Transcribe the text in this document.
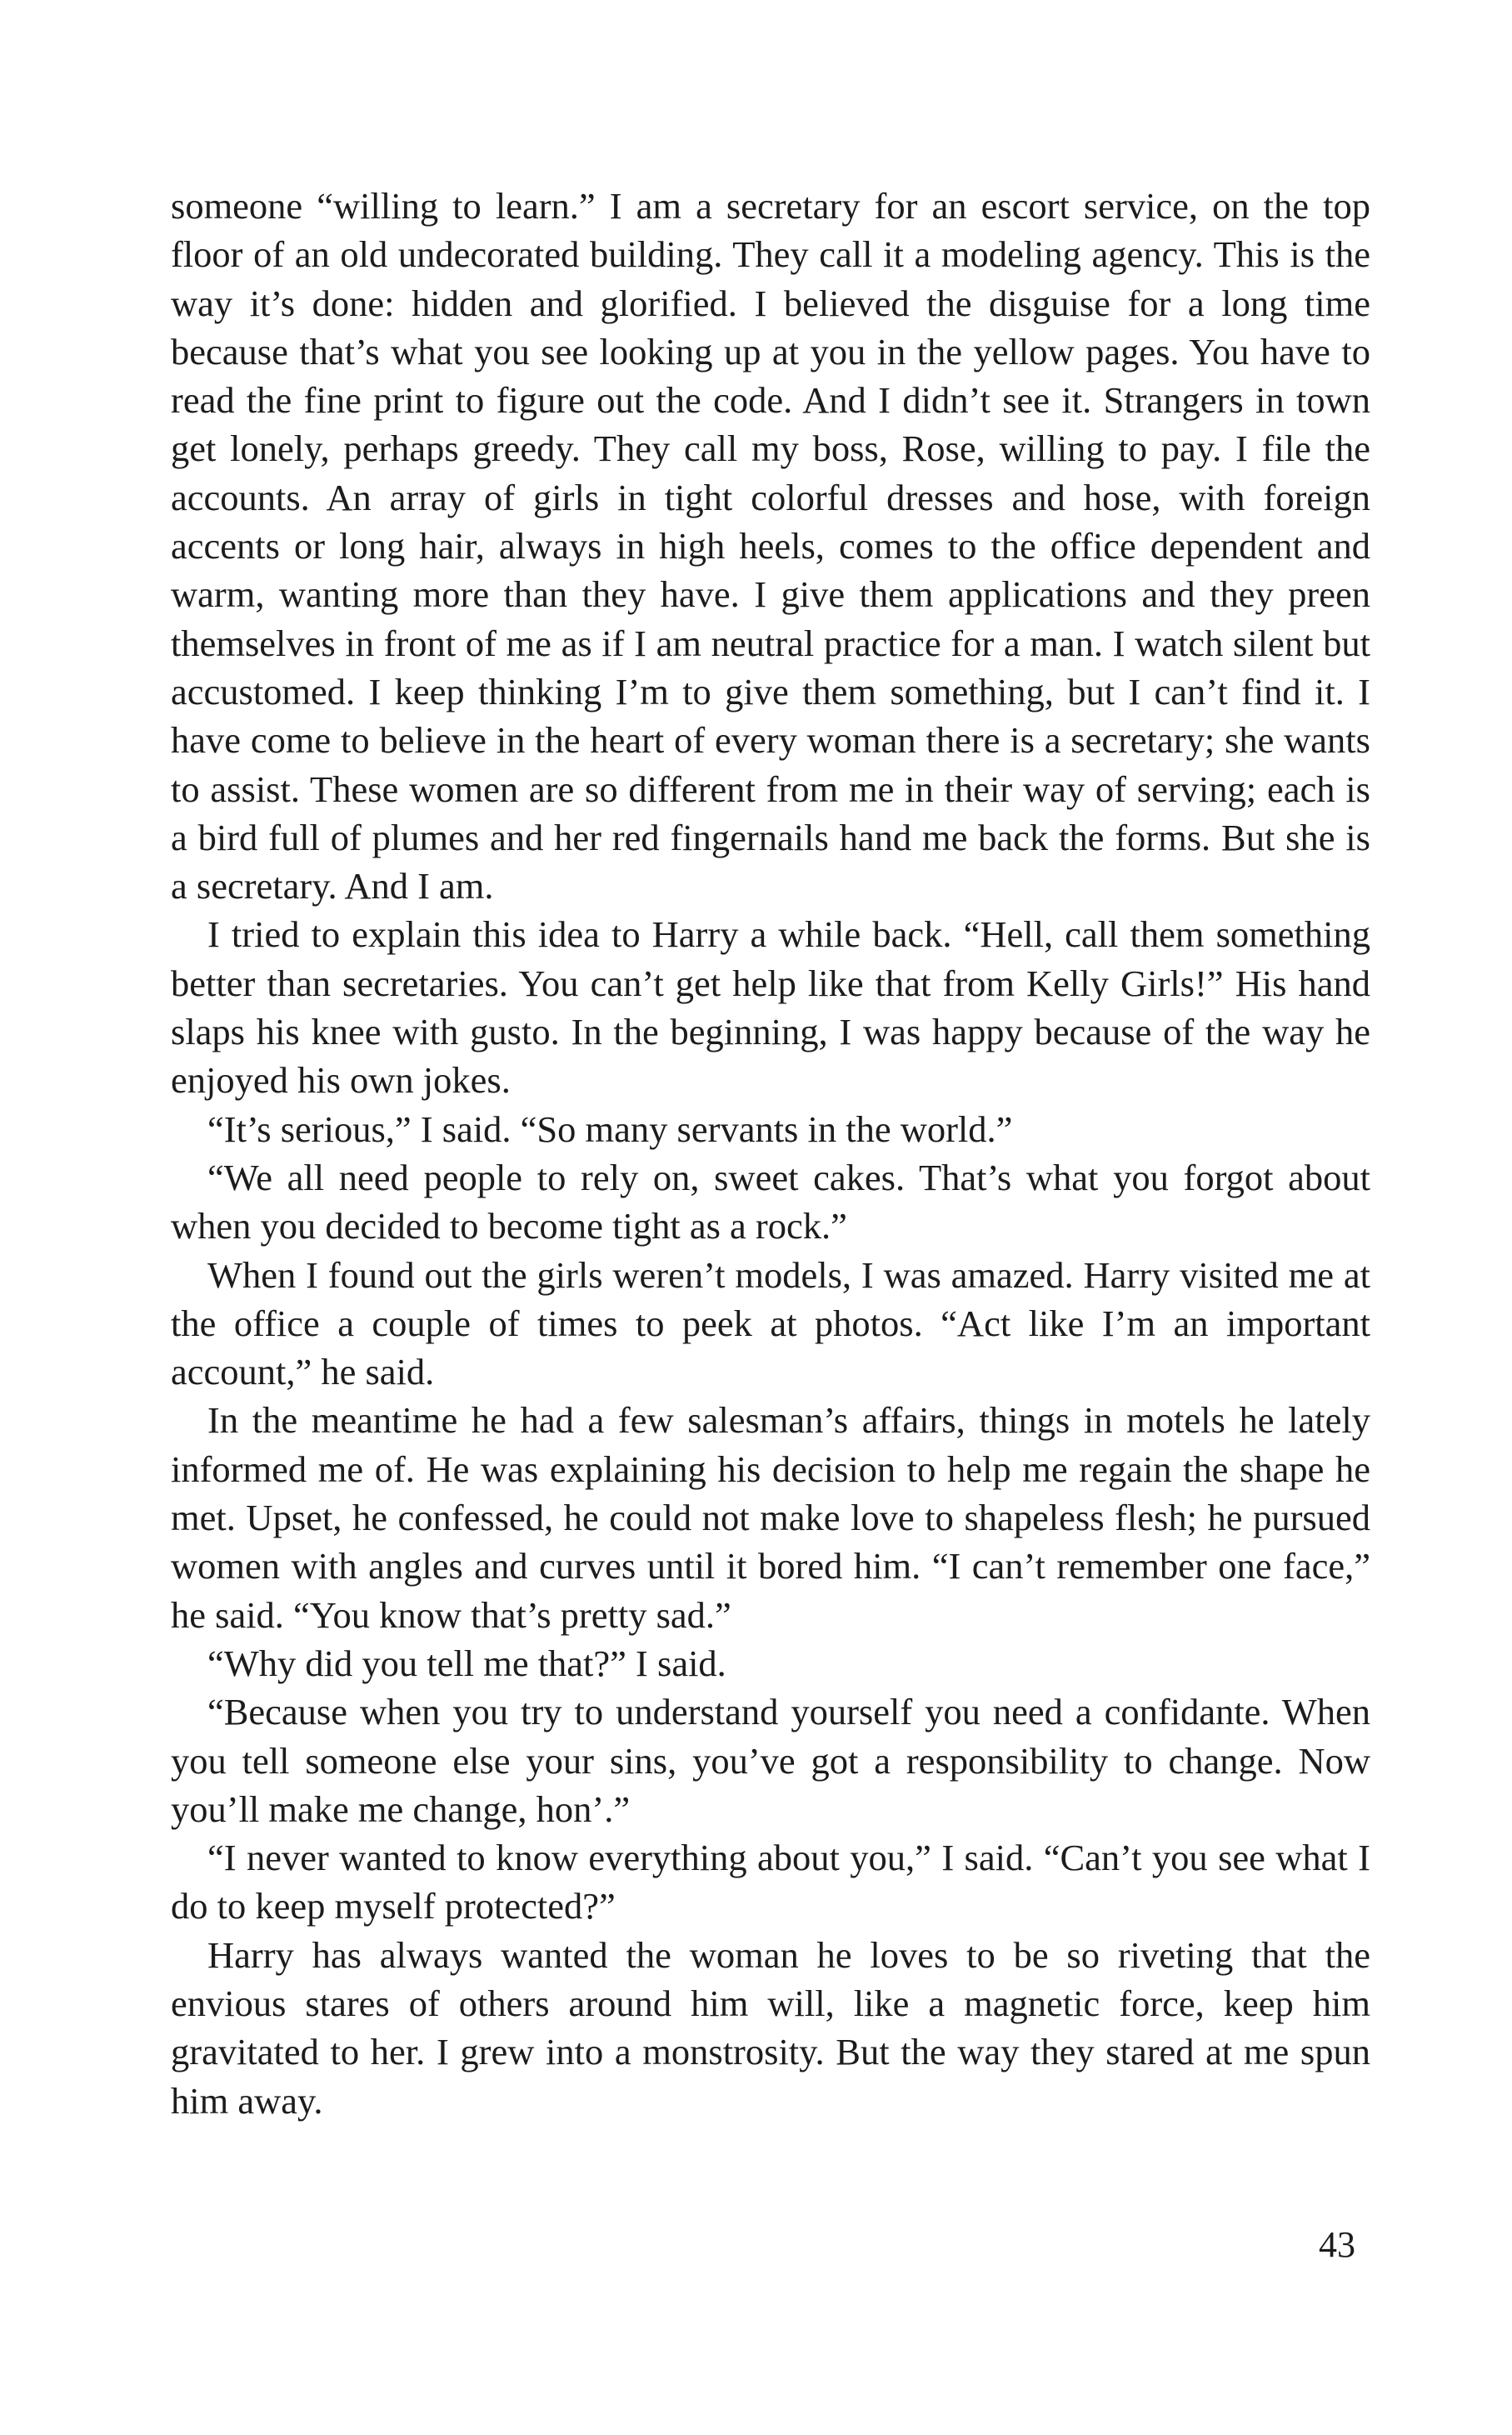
someone “willing to learn.” I am a secretary for an escort service, on the top floor of an old undecorated building. They call it a modeling agency. This is the way it’s done: hidden and glorified. I believed the disguise for a long time because that’s what you see looking up at you in the yellow pages. You have to read the fine print to figure out the code. And I didn’t see it. Strangers in town get lonely, perhaps greedy. They call my boss, Rose, willing to pay. I file the accounts. An array of girls in tight colorful dresses and hose, with foreign accents or long hair, always in high heels, comes to the office dependent and warm, wanting more than they have. I give them applications and they preen themselves in front of me as if I am neutral practice for a man. I watch silent but accustomed. I keep thinking I’m to give them something, but I can’t find it. I have come to believe in the heart of every woman there is a secretary; she wants to assist. These women are so different from me in their way of serving; each is a bird full of plumes and her red fingernails hand me back the forms. But she is a secretary. And I am.

I tried to explain this idea to Harry a while back. “Hell, call them something better than secretaries. You can’t get help like that from Kelly Girls!” His hand slaps his knee with gusto. In the beginning, I was happy because of the way he enjoyed his own jokes.

“It’s serious,” I said. “So many servants in the world.”

“We all need people to rely on, sweet cakes. That’s what you forgot about when you decided to become tight as a rock.”

When I found out the girls weren’t models, I was amazed. Harry visited me at the office a couple of times to peek at photos. “Act like I’m an important account,” he said.

In the meantime he had a few salesman’s affairs, things in motels he lately informed me of. He was explaining his decision to help me regain the shape he met. Upset, he confessed, he could not make love to shapeless flesh; he pursued women with angles and curves until it bored him. “I can’t remember one face,” he said. “You know that’s pretty sad.”

“Why did you tell me that?” I said.

“Because when you try to understand yourself you need a confidante. When you tell someone else your sins, you’ve got a responsibility to change. Now you’ll make me change, hon’.”

“I never wanted to know everything about you,” I said. “Can’t you see what I do to keep myself protected?”

Harry has always wanted the woman he loves to be so riveting that the envious stares of others around him will, like a magnetic force, keep him gravitated to her. I grew into a monstrosity. But the way they stared at me spun him away.

43
